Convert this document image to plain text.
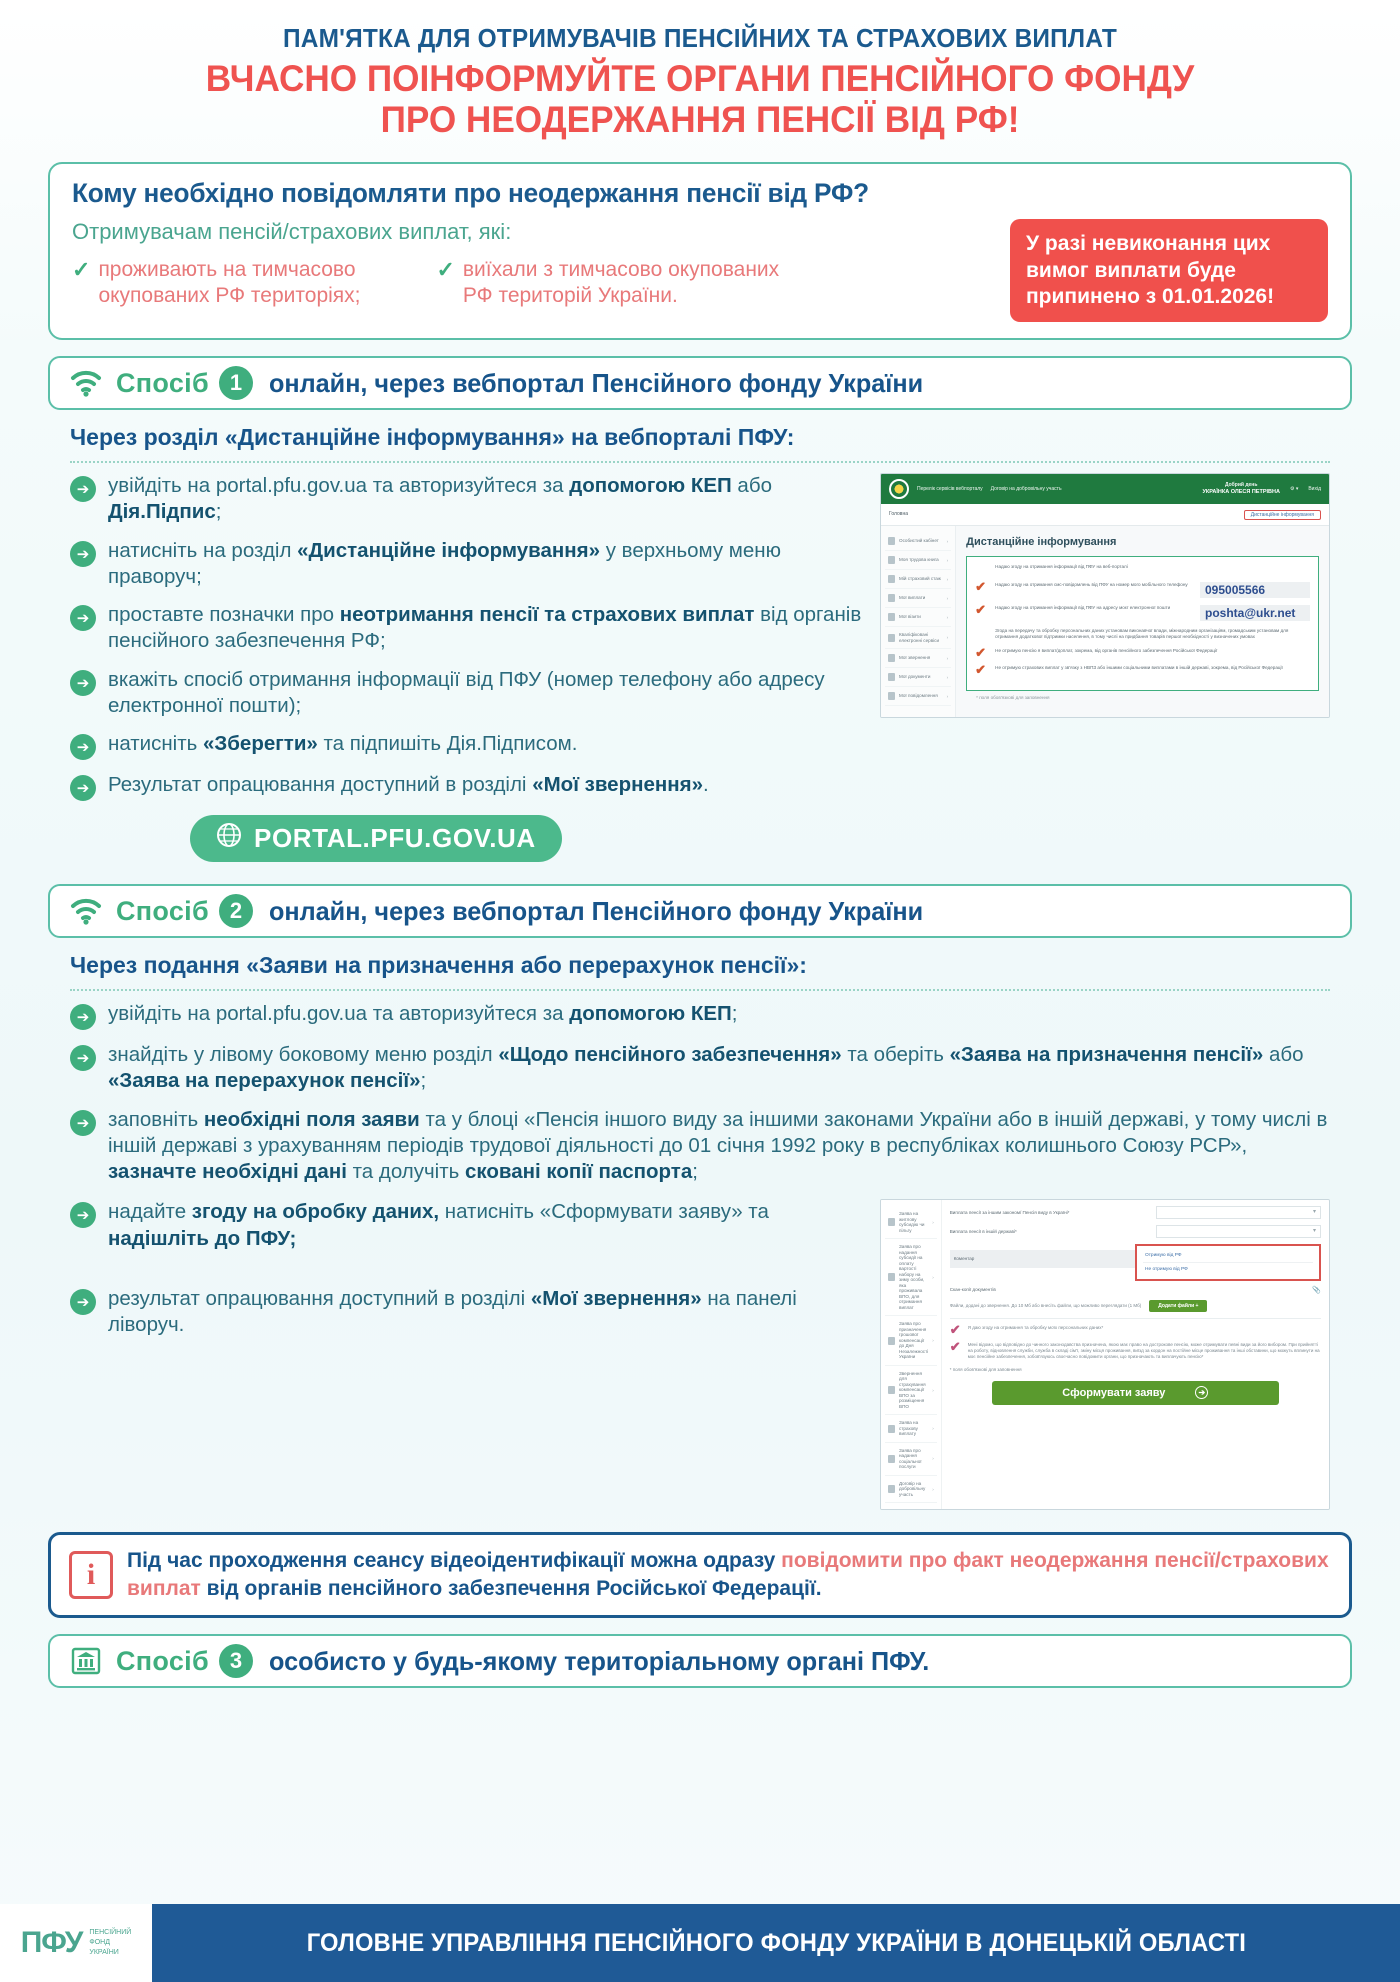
ПАМ'ЯТКА ДЛЯ ОТРИМУВАЧІВ ПЕНСІЙНИХ ТА СТРАХОВИХ ВИПЛАТ
ВЧАСНО ПОІНФОРМУЙТЕ ОРГАНИ ПЕНСІЙНОГО ФОНДУ
ПРО НЕОДЕРЖАННЯ ПЕНСІЇ ВІД РФ!
Кому необхідно повідомляти про неодержання пенсії від РФ?
Отримувачам пенсій/страхових виплат, які:
✓ проживають на тимчасово окупованих РФ територіях;
✓ виїхали з тимчасово окупованих РФ територій України.
У разі невиконання цих вимог виплати буде припинено з 01.01.2026!
Спосіб 1	онлайн, через вебпортал Пенсійного фонду України
Через розділ «Дистанційне інформування» на вебпорталі ПФУ:
➔ увійдіть на portal.pfu.gov.ua та авторизуйтеся за допомогою КЕП або Дія.Підпис;
➔ натисніть на розділ «Дистанційне інформування» у верхньому меню праворуч;
➔ проставте позначки про неотримання пенсії та страхових виплат від органів пенсійного забезпечення РФ;
➔ вкажіть спосіб отримання інформації від ПФУ (номер телефону або адресу електронної пошти);
➔ натисніть «Зберегти» та підпишіть Дія.Підписом.
➔ Результат опрацювання доступний в розділі «Мої звернення».
PORTAL.PFU.GOV.UA
Перелік сервісів вебпорталу Договір на добровільну участь
Добрий день
УКРАЇНКА ОЛЕСЯ ПЕТРІВНА
⚙ ▾ Вихід
Головна	Дистанційне інформування
Особистий кабінет	›
Моя трудова книга	›
Мій страховий стаж	›
Мої виплати	›
Мої візити	›
Кваліфіковані електронні сервіси	›
Мої звернення	›
Мої документи	›
Мої повідомлення	›
Дистанційне інформування
Надаю згоду на отримання інформації від ПФУ на веб-порталі
✔	Надаю згоду на отримання смс-повідомлень від ПФУ на номер мого мобільного телефону	095005566
✔	Надаю згоду на отримання інформації від ПФУ на адресу моєї електронної пошти	poshta@ukr.net
Згода на передачу та обробку персональних даних установам виконавчої влади, міжнародним організаціям, громадським установам для отримання додаткової підтримки населення, в тому числі на придбання товарів першої необхідності у визначених умовах
✔	Не отримую пенсію я виплат/доплат, зокрема, від органів пенсійного забезпечення Російської Федерації
✔	Не отримую страхових виплат у зв'язку з НВПЗ або іншими соціальними виплатами в іншій державі, зокрема, від Російської Федерації
* поля обов'язкові для заповнення
Спосіб 2	онлайн, через вебпортал Пенсійного фонду України
Через подання «Заяви на призначення або перерахунок пенсії»:
➔ увійдіть на portal.pfu.gov.ua та авторизуйтеся за допомогою КЕП;
➔ знайдіть у лівому боковому меню розділ «Щодо пенсійного забезпечення» та оберіть «Заява на призначення пенсії» або «Заява на перерахунок пенсії»;
➔ заповніть необхідні поля заяви та у блоці «Пенсія іншого виду за іншими законами України або в іншій державі, у тому числі в іншій державі з урахуванням періодів трудової діяльності до 01 січня 1992 року в республіках колишнього Союзу РСР», зазначте необхідні дані та долучіть сковані копії паспорта;
➔ надайте згоду на обробку даних, натисніть «Сформувати заяву» та надішліть до ПФУ;
➔ результат опрацювання доступний в розділі «Мої звернення» на панелі ліворуч.
Заява на житлову субсидію чи пільгу
›
Заява про надання субсидії на оплату вартості набору на зиму особи, яка проживала ВПО, для отримання виплат
›
Заява про призначення грошової компенсації до Дня Незалежності України
›
Звернення для страхування компенсації ВПО за розміщення ВПО
›
Заява на страхову виплату
›
Заява про надання соціальної послуги
›
Договір на добровільну участь
›
Виплата пенсії за іншим законом/ Пенсія виду в Україні*
▾
Виплата пенсії в іншій державі*
▾
Коментар
Отримую від РФ
Не отримую від РФ
Скан-копії документів	📎
Файли, додані до звернення. До 10 Мб або внесіть файли, що можливо переглядати (1 Мб)	Додати файли +
✔ Я даю згоду на отримання та обробку моїх персональних даних*
✔ Мені відомо, що відповідно до чинного законодавства призначена, якою має право на дострокове пенсію, може отримувати певні види за його вибором. При прийнятті на роботу, відновлення служби, служба в складі сім'ї, зміну місця проживання, виїзд за кордон на постійне місце проживання та інші обставини, що можуть вплинути на моє пенсійне забезпечення, зобов'язуюсь своєчасно повідомити органи, що призначають та виплачують пенсію*
* поля обов'язкові для заповнення
Сформувати заяву	➔
i	Під час проходження сеансу відеоідентифікації можна одразу повідомити про факт неодержання пенсії/страхових виплат від органів пенсійного забезпечення Російської Федерації.
Спосіб 3	особисто у будь-якому територіальному органі ПФУ.
ПФУ ПЕНСІЙНИЙ
ФОНД
УКРАЇНИ	ГОЛОВНЕ УПРАВЛІННЯ ПЕНСІЙНОГО ФОНДУ УКРАЇНИ В ДОНЕЦЬКІЙ ОБЛАСТІ
